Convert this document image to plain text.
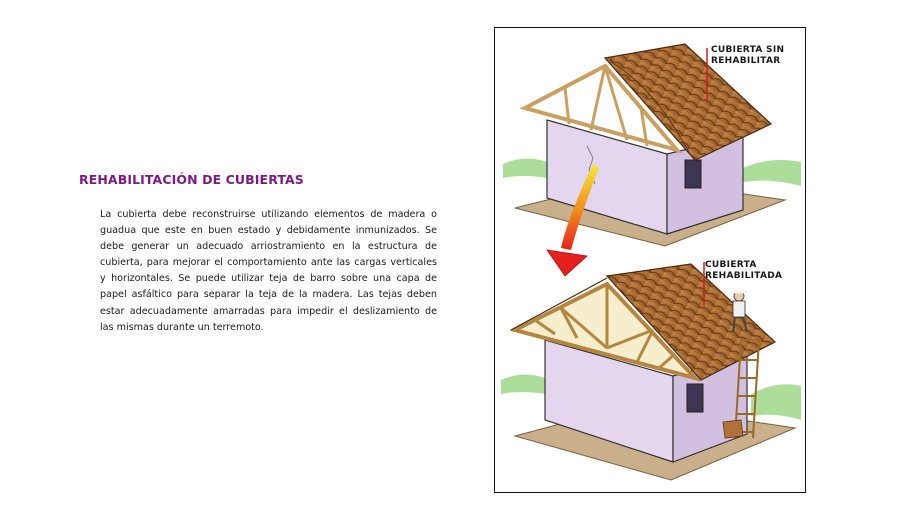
REHABILITACIÓN DE CUBIERTAS
La cubierta debe reconstruirse utilizando elementos de madera o guadua que este en buen estado y debidamente inmunizados. Se debe generar un adecuado arriostramiento en la estructura de cubierta, para mejorar el comportamiento ante las cargas verticales y horizontales. Se puede utilizar teja de barro sobre una capa de papel asfáltico para separar la teja de la madera. Las tejas deben estar adecuadamente amarradas para impedir el deslizamiento de las mismas durante un terremoto.
CUBIERTA SIN REHABILITAR
CUBIERTA REHABILITADA
